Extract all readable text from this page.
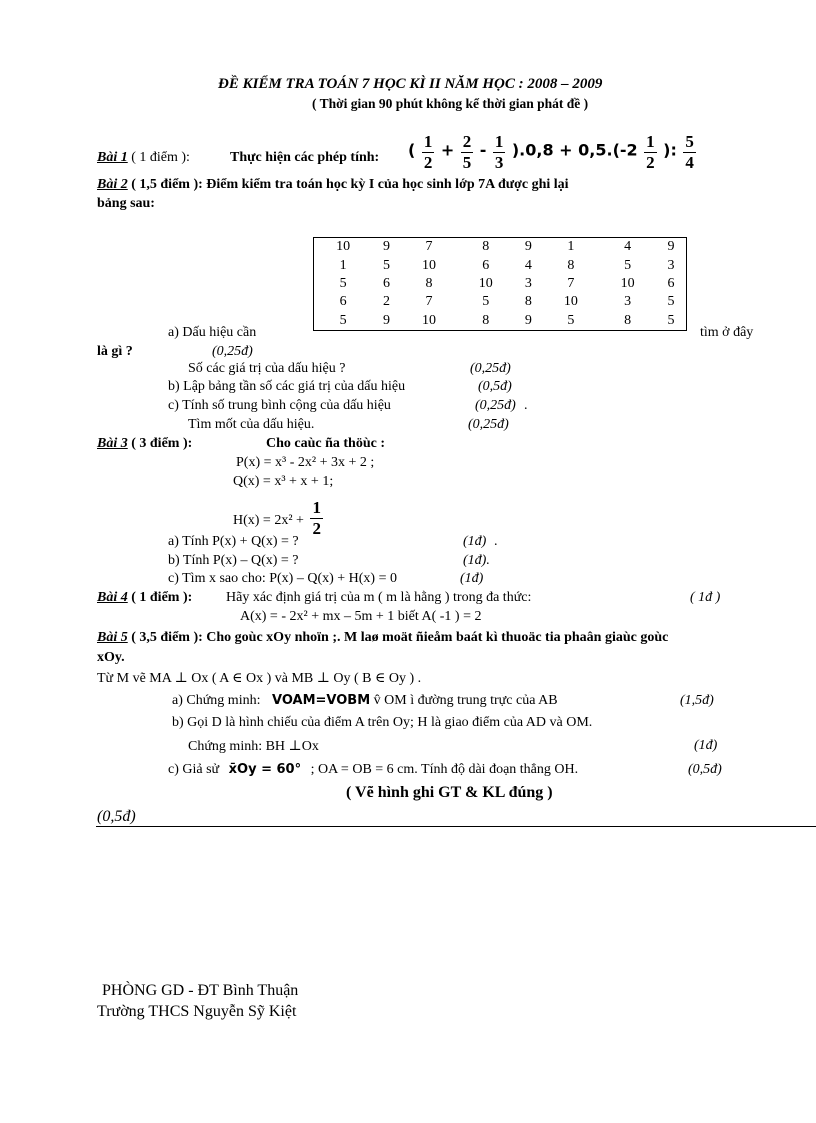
ĐỀ KIỂM TRA TOÁN 7 HỌC KÌ II NĂM HỌC : 2008 – 2009
( Thời gian 90 phút không kể thời gian phát đề )
Bài 1 ( 1 điểm ):	Thực hiện các phép tính: ( $\frac{1}{2} + \frac{2}{5} - \frac{1}{3} ).0,8 + 0,5.(-2 \frac{1}{2}$ ): $\frac{5}{4}$
Bài 2 ( 1,5 điểm ): Điểm kiểm tra toán học kỳ I của học sinh lớp 7A được ghi lại
bảng sau:
10	9	7	8	9	1	4	9
1	5	10	6	4	8	5	3
5	6	8	10	3	7	10	6
6	2	7	5	8	10	3	5
5	9	10	8	9	5	8	5
a) Dấu hiệu cần	tìm ở đây
là gì ?	(0,25đ)
Số các giá trị của dấu hiệu ?	(0,25đ)
b) Lập bảng tần số các giá trị của dấu hiệu	(0,5đ)
c) Tính số trung bình cộng của dấu hiệu	(0,25đ) .
Tìm mốt của dấu hiệu.	(0,25đ)
Bài 3 ( 3 điểm ):	Cho caùc ña thöùc :
P(x) = x³ - 2x² + 3x + 2 ;
Q(x) = x³ + x + 1;
$H(x) = 2x^2 + \frac{1}{2}$
a) Tính P(x) + Q(x) = ?	(1đ) .
b) Tính P(x) – Q(x) = ?	(1đ).
c) Tìm x sao cho: P(x) – Q(x) + H(x) = 0	(1đ)
Bài 4 ( 1 điểm ): Hãy xác định giá trị của m ( m là hằng ) trong đa thức:	( 1đ )
A(x) = - 2x² + mx – 5m + 1 biết A( -1 ) = 2
Bài 5 ( 3,5 điểm ): Cho goùc xOy nhoïn ;. M laø moät ñieåm baát kì thuoäc tia phaân giaùc goùc
xOy.
Từ M vẽ MA ⊥ Ox ( A ∈ Ox ) và MB ⊥ Oy ( B ∈ Oy ) .
a) Chứng minh: VOAM=VOBM v̂ OM ì đường trung trực của AB	(1,5đ)
b) Gọi D là hình chiếu của điểm A trên Oy; H là giao điểm của AD và OM.
Chứng minh: BH ⊥Ox	(1đ)
c) Giả sử x̄Oy = 60° ; OA = OB = 6 cm. Tính độ dài đoạn thẳng OH.	(0,5đ)
( Vẽ hình ghi GT & KL đúng )
(0,5đ)
PHÒNG GD - ĐT Bình Thuận
Trường THCS Nguyễn Sỹ Kiệt
